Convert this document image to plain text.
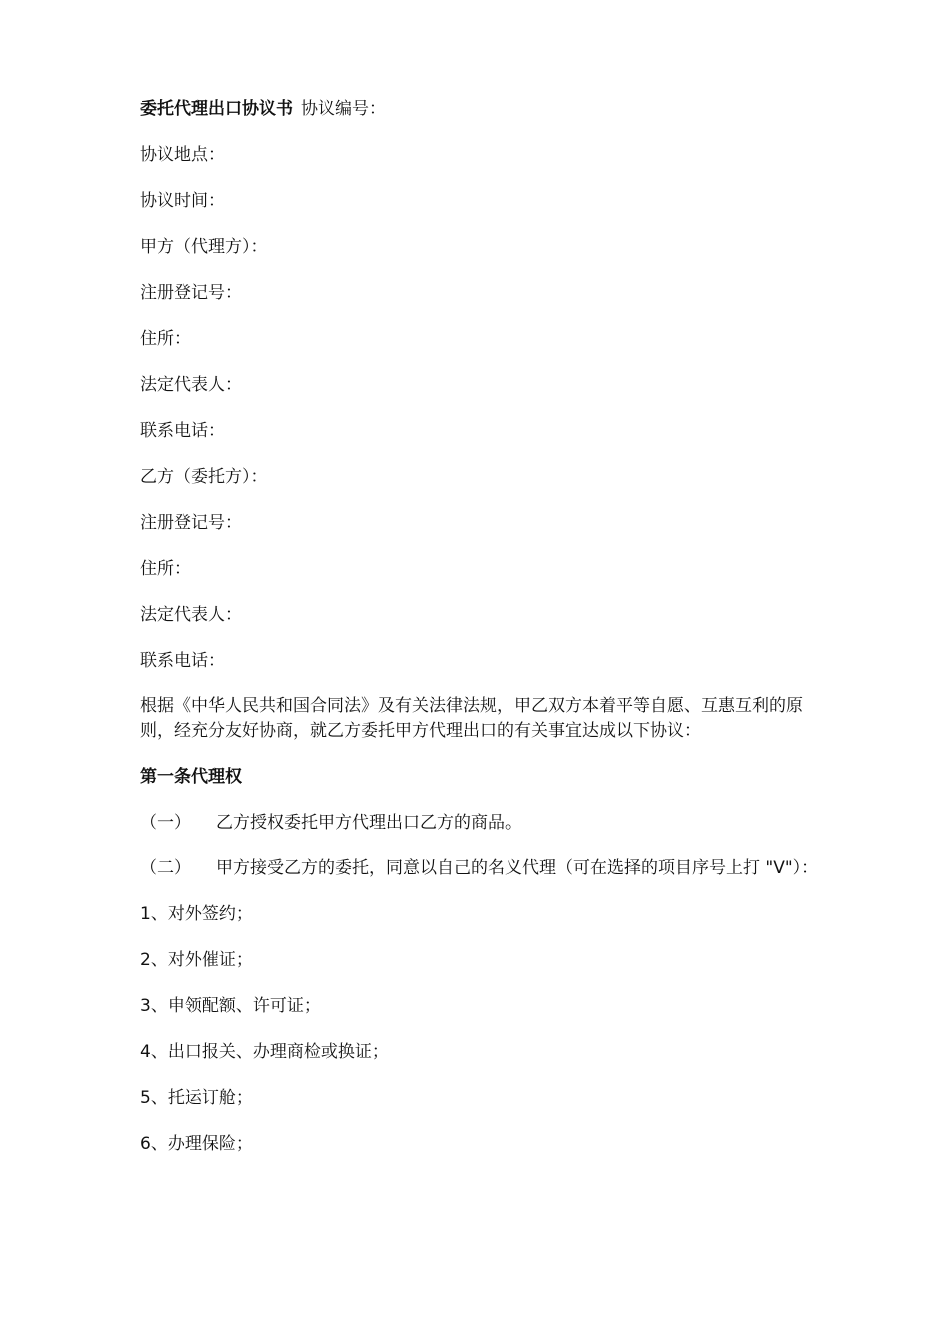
委托代理出口协议书 协议编号：

协议地点：

协议时间：

甲方（代理方）：

注册登记号：

住所：

法定代表人：

联系电话：

乙方（委托方）：

注册登记号：

住所：

法定代表人：

联系电话：

根据《中华人民共和国合同法》及有关法律法规，甲乙双方本着平等自愿、互惠互利的原则，经充分友好协商，就乙方委托甲方代理出口的有关事宜达成以下协议：

第一条代理权

（一） 乙方授权委托甲方代理出口乙方的商品。

（二） 甲方接受乙方的委托，同意以自己的名义代理（可在选择的项目序号上打 "V"）：

1、对外签约；

2、对外催证；

3、申领配额、许可证；

4、出口报关、办理商检或换证；

5、托运订舱；

6、办理保险；
